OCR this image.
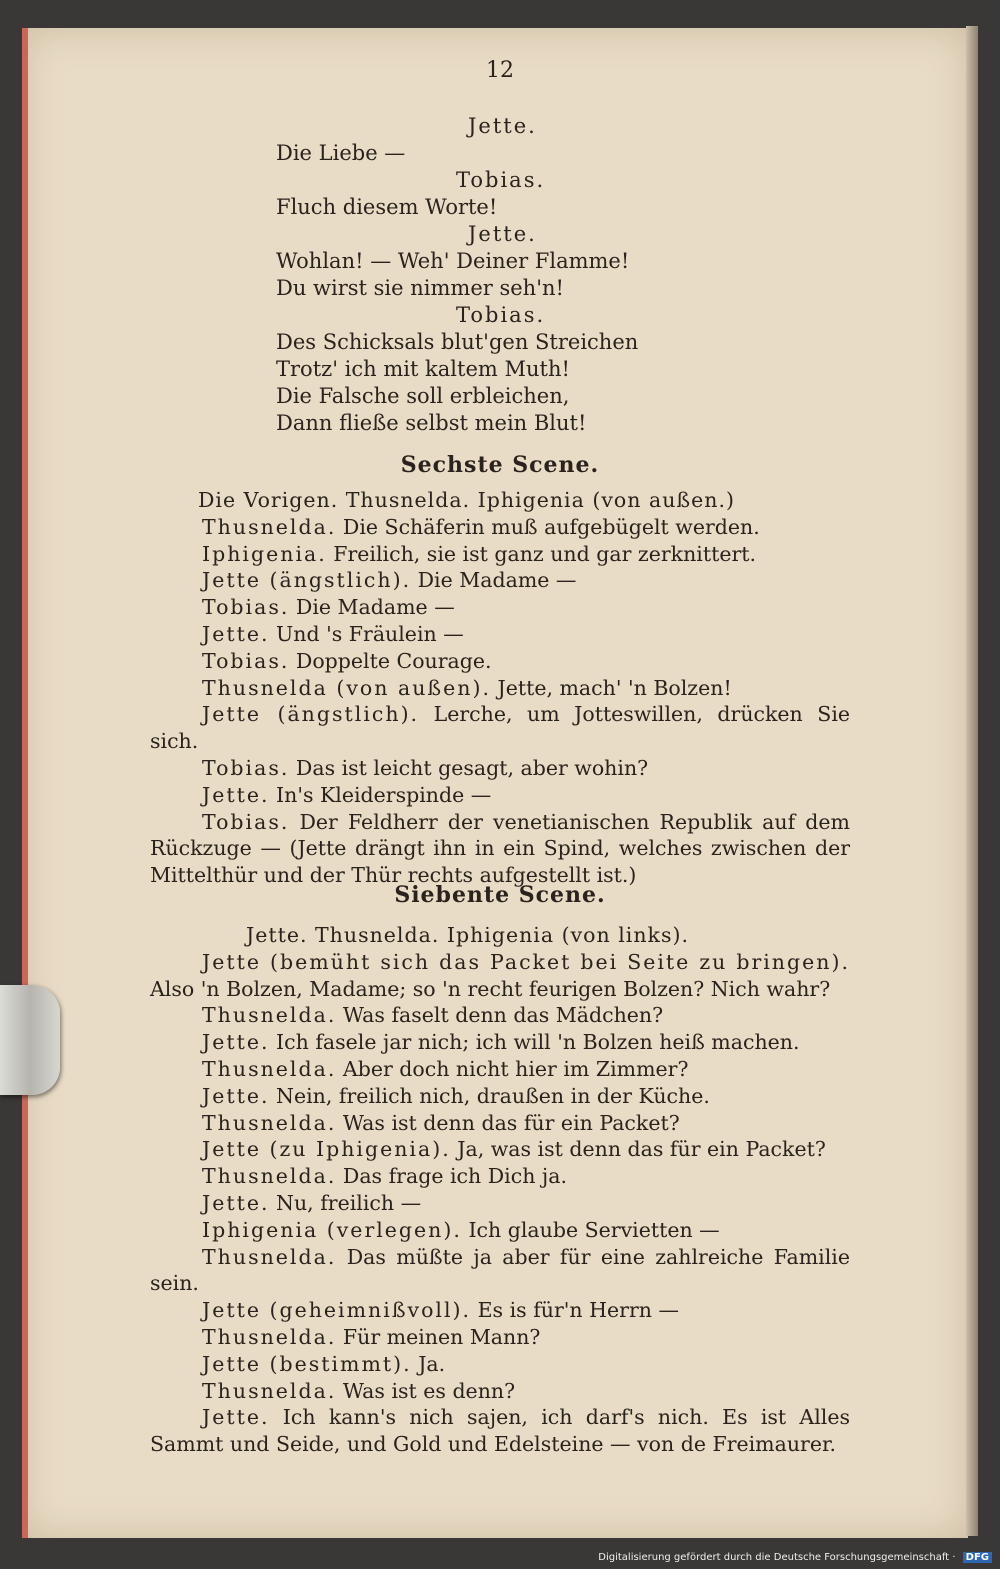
12
Jette.
Die Liebe —
Tobias.
Fluch diesem Worte!
Jette.
Wohlan! — Weh' Deiner Flamme!
Du wirst sie nimmer seh'n!
Tobias.
Des Schicksals blut'gen Streichen
Trotz' ich mit kaltem Muth!
Die Falsche soll erbleichen,
Dann fließe selbst mein Blut!
Sechste Scene.

Die Vorigen. Thusnelda. Iphigenia (von außen.)

Thusnelda. Die Schäferin muß aufgebügelt werden.

Iphigenia. Freilich, sie ist ganz und gar zerknittert.

Jette (ängstlich). Die Madame —

Tobias. Die Madame —

Jette. Und 's Fräulein —

Tobias. Doppelte Courage.

Thusnelda (von außen). Jette, mach' 'n Bolzen!

Jette (ängstlich). Lerche, um Jotteswillen, drücken Sie sich.

Tobias. Das ist leicht gesagt, aber wohin?

Jette. In's Kleiderspinde —

Tobias. Der Feldherr der venetianischen Republik auf dem Rückzuge — (Jette drängt ihn in ein Spind, welches zwischen der Mittelthür und der Thür rechts aufgestellt ist.)

Siebente Scene.

Jette. Thusnelda. Iphigenia (von links).

Jette (bemüht sich das Packet bei Seite zu bringen). Also 'n Bolzen, Madame; so 'n recht feurigen Bolzen? Nich wahr?

Thusnelda. Was faselt denn das Mädchen?

Jette. Ich fasele jar nich; ich will 'n Bolzen heiß machen.

Thusnelda. Aber doch nicht hier im Zimmer?

Jette. Nein, freilich nich, draußen in der Küche.

Thusnelda. Was ist denn das für ein Packet?

Jette (zu Iphigenia). Ja, was ist denn das für ein Packet?

Thusnelda. Das frage ich Dich ja.

Jette. Nu, freilich —

Iphigenia (verlegen). Ich glaube Servietten —

Thusnelda. Das müßte ja aber für eine zahlreiche Familie sein.

Jette (geheimnißvoll). Es is für'n Herrn —

Thusnelda. Für meinen Mann?

Jette (bestimmt). Ja.

Thusnelda. Was ist es denn?

Jette. Ich kann's nich sajen, ich darf's nich. Es ist Alles Sammt und Seide, und Gold und Edelsteine — von de Freimaurer.

Digitalisierung gefördert durch die Deutsche Forschungsgemeinschaft · DFG
